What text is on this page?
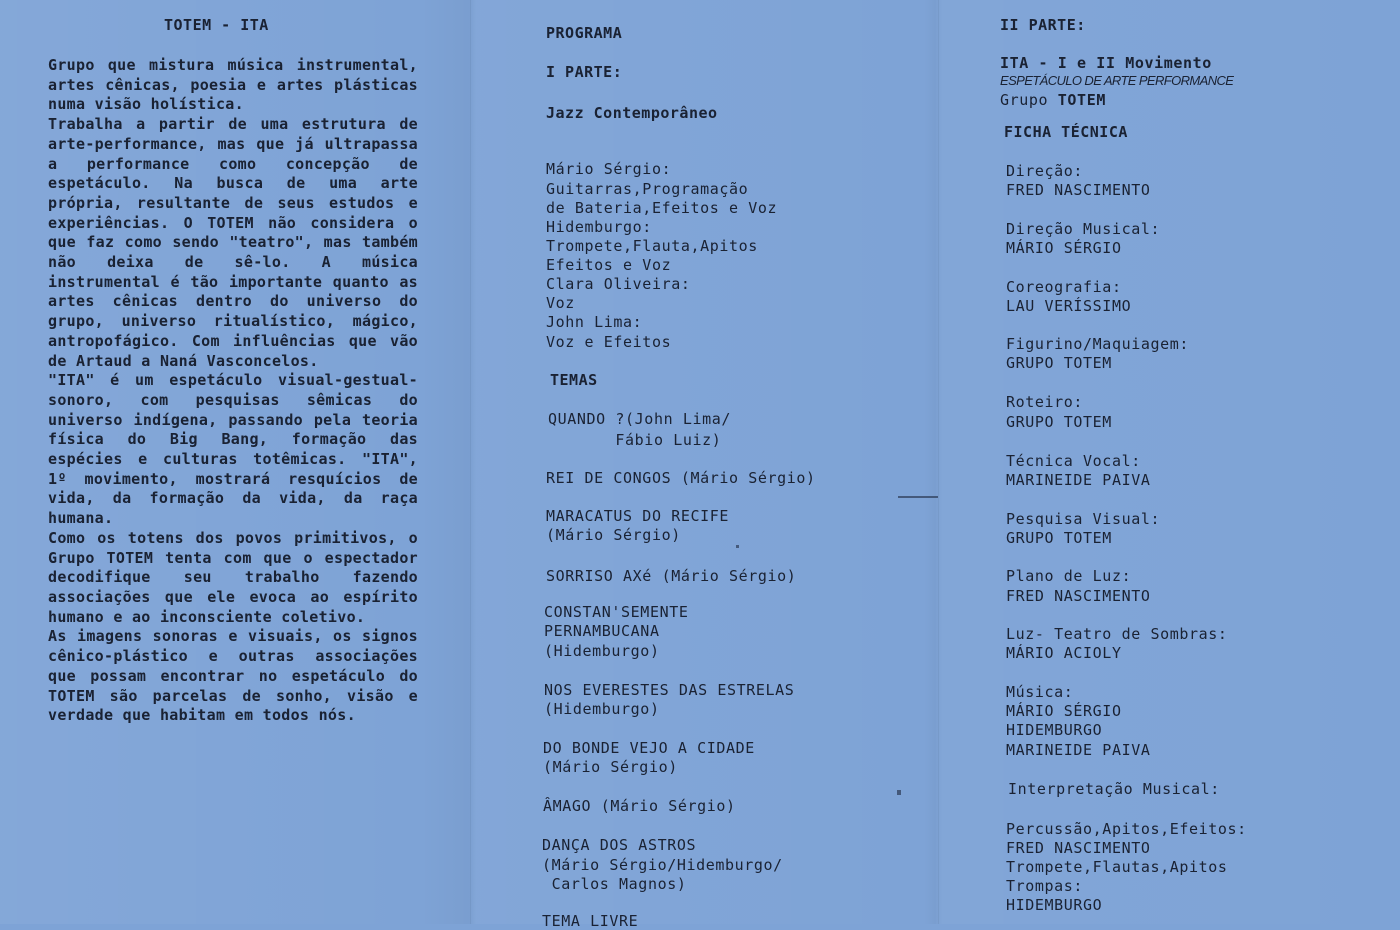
TOTEM - ITA

Grupo que mistura música instrumental, artes cênicas, poesia e artes plásticas numa visão holística.

Trabalha a partir de uma estrutura de arte-performance, mas que já ultrapassa a performance como concepção de espetáculo. Na busca de uma arte própria, resultante de seus estudos e experiências. O TOTEM não considera o que faz como sendo "teatro", mas também não deixa de sê-lo. A música instrumental é tão importante quanto as artes cênicas dentro do universo do grupo, universo ritualístico, mágico, antropofágico. Com influências que vão de Artaud a Naná Vasconcelos.

"ITA" é um espetáculo visual-gestual-sonoro, com pesquisas sêmicas do universo indígena, passando pela teoria física do Big Bang, formação das espécies e culturas totêmicas. "ITA", 1º movimento, mostrará resquícios de vida, da formação da vida, da raça humana.

Como os totens dos povos primitivos, o Grupo TOTEM tenta com que o espectador decodifique seu trabalho fazendo associações que ele evoca ao espírito humano e ao inconsciente coletivo.

As imagens sonoras e visuais, os signos cênico-plástico e outras associações que possam encontrar no espetáculo do TOTEM são parcelas de sonho, visão e verdade que habitam em todos nós.

PROGRAMA
I PARTE:
Jazz Contemporâneo
Mário Sérgio:
Guitarras,Programação
de Bateria,Efeitos e Voz
Hidemburgo:
Trompete,Flauta,Apitos
Efeitos e Voz
Clara Oliveira:
Voz
John Lima:
Voz e Efeitos
TEMAS
QUANDO ?(John Lima/
Fábio Luiz)
REI DE CONGOS (Mário Sérgio)
MARACATUS DO RECIFE
(Mário Sérgio)
SORRISO AXé (Mário Sérgio)
CONSTAN'SEMENTE
PERNAMBUCANA
(Hidemburgo)
NOS EVERESTES DAS ESTRELAS
(Hidemburgo)
DO BONDE VEJO A CIDADE
(Mário Sérgio)
ÂMAGO (Mário Sérgio)
DANÇA DOS ASTROS
(Mário Sérgio/Hidemburgo/
Carlos Magnos)
TEMA LIVRE
II PARTE:
ITA - I e II Movimento
ESPETÁCULO DE ARTE PERFORMANCE
Grupo TOTEM
FICHA TÉCNICA
Direção:
FRED NASCIMENTO
Direção Musical:
MÁRIO SÉRGIO
Coreografia:
LAU VERÍSSIMO
Figurino/Maquiagem:
GRUPO TOTEM
Roteiro:
GRUPO TOTEM
Técnica Vocal:
MARINEIDE PAIVA
Pesquisa Visual:
GRUPO TOTEM
Plano de Luz:
FRED NASCIMENTO
Luz- Teatro de Sombras:
MÁRIO ACIOLY
Música:
MÁRIO SÉRGIO
HIDEMBURGO
MARINEIDE PAIVA
Interpretação Musical:
Percussão,Apitos,Efeitos:
FRED NASCIMENTO
Trompete,Flautas,Apitos
Trompas:
HIDEMBURGO
